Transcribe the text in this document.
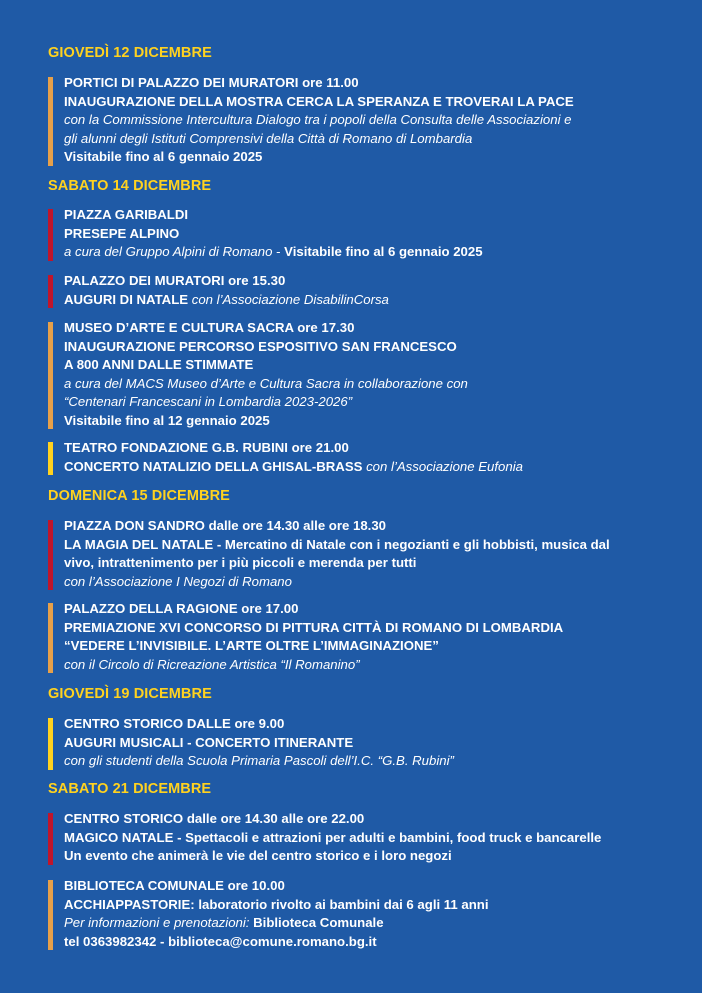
GIOVEDÌ 12 DICEMBRE
PORTICI DI PALAZZO DEI MURATORI ore 11.00
INAUGURAZIONE DELLA MOSTRA CERCA LA SPERANZA E TROVERAI LA PACE
con la Commissione Intercultura Dialogo tra i popoli della Consulta delle Associazioni e
gli alunni degli Istituti Comprensivi della Città di Romano di Lombardia
Visitabile fino al 6 gennaio 2025
SABATO 14 DICEMBRE
PIAZZA GARIBALDI
PRESEPE ALPINO
a cura del Gruppo Alpini di Romano - Visitabile fino al 6 gennaio 2025
PALAZZO DEI MURATORI ore 15.30
AUGURI DI NATALE con l’Associazione DisabilinCorsa
MUSEO D’ARTE E CULTURA SACRA ore 17.30
INAUGURAZIONE PERCORSO ESPOSITIVO SAN FRANCESCO
A 800 ANNI DALLE STIMMATE
a cura del MACS Museo d’Arte e Cultura Sacra in collaborazione con
“Centenari Francescani in Lombardia 2023-2026”
Visitabile fino al 12 gennaio 2025
TEATRO FONDAZIONE G.B. RUBINI ore 21.00
CONCERTO NATALIZIO DELLA GHISAL-BRASS con l’Associazione Eufonia
DOMENICA 15 DICEMBRE
PIAZZA DON SANDRO dalle ore 14.30 alle ore 18.30
LA MAGIA DEL NATALE - Mercatino di Natale con i negozianti e gli hobbisti, musica dal
vivo, intrattenimento per i più piccoli e merenda per tutti
con l’Associazione I Negozi di Romano
PALAZZO DELLA RAGIONE ore 17.00
PREMIAZIONE XVI CONCORSO DI PITTURA CITTÀ DI ROMANO DI LOMBARDIA
“VEDERE L’INVISIBILE. L’ARTE OLTRE L’IMMAGINAZIONE”
con il Circolo di Ricreazione Artistica “Il Romanino”
GIOVEDÌ 19 DICEMBRE
CENTRO STORICO DALLE ore 9.00
AUGURI MUSICALI - CONCERTO ITINERANTE
con gli studenti della Scuola Primaria Pascoli dell’I.C. “G.B. Rubini”
SABATO 21 DICEMBRE
CENTRO STORICO dalle ore 14.30 alle ore 22.00
MAGICO NATALE - Spettacoli e attrazioni per adulti e bambini, food truck e bancarelle
Un evento che animerà le vie del centro storico e i loro negozi
BIBLIOTECA COMUNALE ore 10.00
ACCHIAPPASTORIE: laboratorio rivolto ai bambini dai 6 agli 11 anni
Per informazioni e prenotazioni: Biblioteca Comunale
tel 0363982342 - biblioteca@comune.romano.bg.it
